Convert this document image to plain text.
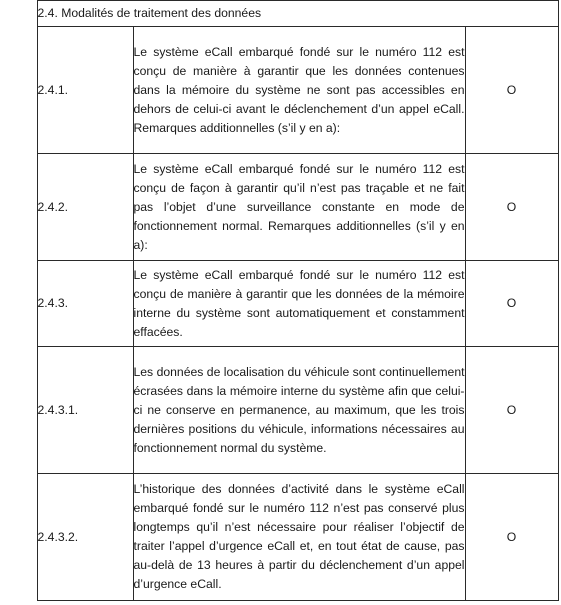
	2.4. Modalités de traitement des données			
	2.4.1.	Le système eCall embarqué fondé sur le numéro 112 est conçu de manière à garantir que les données contenues dans la mémoire du système ne sont pas accessibles en dehors de celui-ci avant le déclenchement d’un appel eCall. Remarques additionnelles (s’il y en a):	O	
	2.4.2.	Le système eCall embarqué fondé sur le numéro 112 est conçu de façon à garantir qu’il n’est pas traçable et ne fait pas l’objet d’une surveillance constante en mode de fonctionnement normal. Remarques additionnelles (s’il y en a):	O	
	2.4.3.	Le système eCall embarqué fondé sur le numéro 112 est conçu de manière à garantir que les données de la mémoire interne du système sont automatiquement et constamment effacées.	O	
	2.4.3.1.	Les données de localisation du véhicule sont continuellement écrasées dans la mémoire interne du système afin que celui-ci ne conserve en permanence, au maximum, que les trois dernières positions du véhicule, informations nécessaires au fonctionnement normal du système.	O	
	2.4.3.2.	L’historique des données d’activité dans le système eCall embarqué fondé sur le numéro 112 n’est pas conservé plus longtemps qu’il n’est nécessaire pour réaliser l’objectif de traiter l’appel d’urgence eCall et, en tout état de cause, pas au-delà de 13 heures à partir du déclenchement d’un appel d’urgence eCall.	O	
